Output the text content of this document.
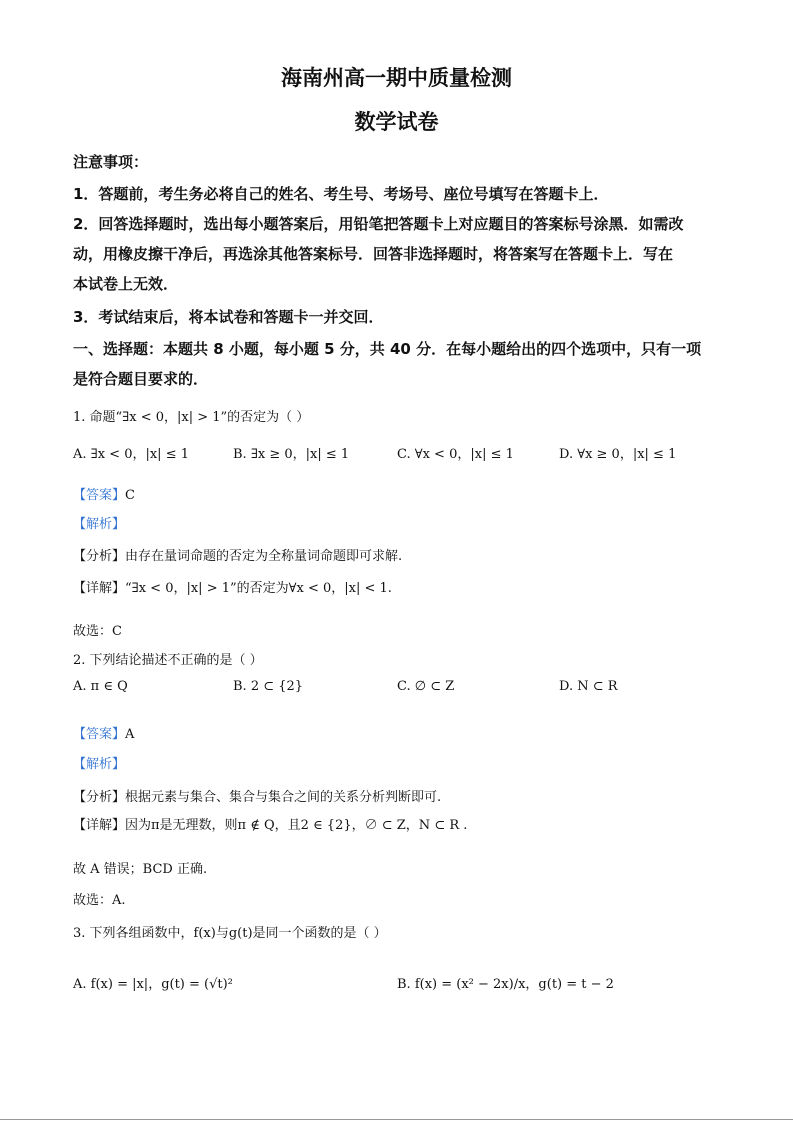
海南州高一期中质量检测
数学试卷
注意事项：
1．答题前，考生务必将自己的姓名、考生号、考场号、座位号填写在答题卡上．
2．回答选择题时，选出每小题答案后，用铅笔把答题卡上对应题目的答案标号涂黑．如需改
动，用橡皮擦干净后，再选涂其他答案标号．回答非选择题时，将答案写在答题卡上．写在
本试卷上无效．
3．考试结束后，将本试卷和答题卡一并交回．
一、选择题：本题共 8 小题，每小题 5 分，共 40 分．在每小题给出的四个选项中，只有一项
是符合题目要求的．
1. 命题“∃x < 0，|x| > 1”的否定为（ ）
A. ∃x < 0，|x| ≤ 1	B. ∃x ≥ 0，|x| ≤ 1	C. ∀x < 0，|x| ≤ 1	D. ∀x ≥ 0，|x| ≤ 1
【答案】C
【解析】
【分析】由存在量词命题的否定为全称量词命题即可求解.
【详解】“∃x < 0，|x| > 1”的否定为∀x < 0，|x| < 1.
故选：C
2. 下列结论描述不正确的是（ ）
A. π ∈ Q	B. 2 ⊂ {2}	C. ∅ ⊂ Z	D. N ⊂ R
【答案】A
【解析】
【分析】根据元素与集合、集合与集合之间的关系分析判断即可.
【详解】因为π是无理数，则π ∉ Q，且2 ∈ {2}，∅ ⊂ Z，N ⊂ R .
故 A 错误；BCD 正确.
故选：A.
3. 下列各组函数中，f(x)与g(t)是同一个函数的是（ ）
A. f(x) = |x|，g(t) = (√t)²	B. f(x) = (x² − 2x)/x，g(t) = t − 2
